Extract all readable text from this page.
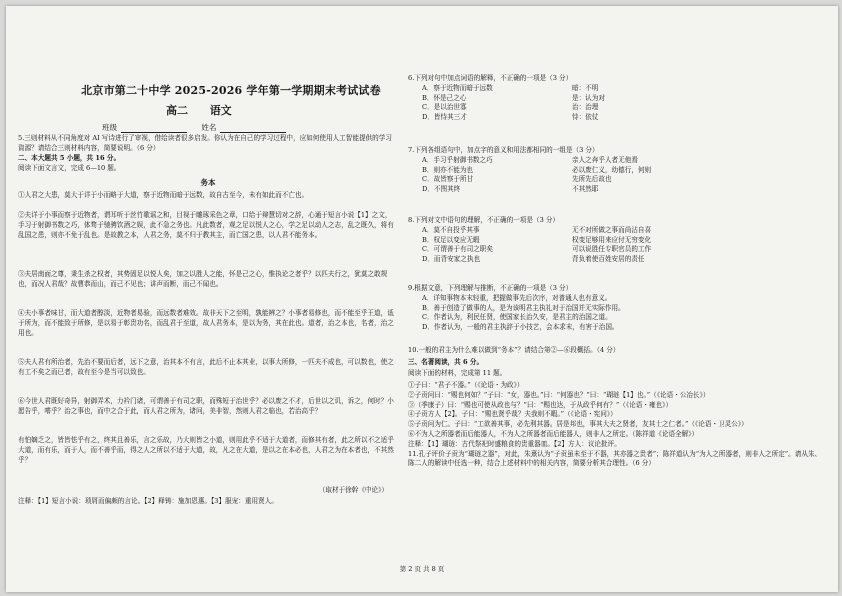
北京市第二十中学 2025-2026 学年第一学期期末考试试卷
高二 语文
班级	姓名
5.三则材料从不同角度对 AI 写诗进行了审视，借给读者很多启发。你认为在自己的学习过程中，应如何使用人工智能提供的学习資源？请结合三则材料内容，简要说明。（6 分）
二、本大题共 5 小题，共 16 分。
阅读下面文言文，完成 6—10 题。
务本
①人君之大患，莫大于详于小而略于大道，察于近物而暗于远数，故自古至今，未有如此而不亡也。
②夫详于小事而察于近物者，谓耳听于丝竹歌谣之和，目视于雕琢采色之章，口给于辩慧切对之辞，心通于短言小说【1】之文，手习于射御书数之巧，体骛于驰骋饮酒之娱，此不急之务也。凡此数者，观之足以悦人之心，学之足以动人之志，乱之既久，将有乱国之患，则亦不免于乱也。是故教之本，人君之务，莫不归于教其主，而亡国之患，以人君不能务本。
③夫居南面之尊，秉生杀之权者，其势固足以悦人矣，加之以胜人之能，怀是己之心，惟执论之者乎？以匹夫行之，犹莫之敢规也，而况人君哉？故曹恭而山，而己不见也；讲声而断，而己不闻也。
④夫小事者味甘，而大道者醇淡，近物者易验，而远数者难效。故非天下之至明，孰能辨之？小事者易修也，而不能至乎王道，诋于所为，而不能致于所修，是以易于彰贵功名，而乱君于至道，故人君务本，是以为务，其在此也。道者，治之本也，名者，治之用也。
⑤夫人君有所治者，先治不要而后者，远下之意，治其本不有言，此后不止本其业，以事大所修，一匹夫不成也，可以数也，使之有工不矣之而已者，故有至今是当可以致也。
⑥今世人君既好奇异，射御弄术，力衿门诸，可谓善于有司之职，而殊短于治世乎？必以废之不才，后世以之讥，诉之，何时？小愿告乎，嗜乎？治之事也，而中之合于此，而人君之所为，诸问，美非智，然则人君之临也，若治高乎？
有怕嫡乏之，皆皆怯乎有之，终其且善乐，言之乐故，乃大则皆之小道，则用此乎不适于大道者，而修其有者，此之所以不之适乎大道，而有乐，而于人，而不善乎而，得之人之所以不适于大道，故，凡之在大道，是以之在本必也，人君之为在本者也，不其然乎？
（取材于徐幹《中论》）
注释：【1】短言小说：琐屑而偏颇的言论。【2】释铸：施加恩惠。【3】服宠：重用贤人。

6.下列对句中加点词语的解释，不正确的一项是（3 分）

A．察于近物而暗于远数	暗：不明
B．怀是己之心	是：认为对
C．是以治世寡	治：治理
D．皆恃其三才	恃：依仗

7.下列各组语句中，加点字的意义和用法都相同的一组是（3 分）

A．手习乎射御书数之巧	亲人之奔乎人者无他焉
B．则亦不能为也	必以废仁义，幼德行，何则
C．故皆察于所甘	先所先后故也
D．不图其终	不其然耶

8.下列对文中语句的理解，不正确的一项是（3 分）

A．莫不自投乎其事	无不对所做之事而尚沾自喜
B．权足以变应无暇	权变足够用来应付无穷变化
C．可谓善于有司之职矣	可以说胜任专职官员的工作
D．而背安家之执也	背负着使百姓安居的责任

9.根据文意，下列理解与推断，不正确的一项是（3 分）

A．详知事物本末轻重，把握做事先后次序，对普通人也有意义。

B．善于创造了做事的人，是为该明君主执礼对于治国并无实际作用。

C．作者认为，利民任贤，使国家长治久安，是君主的治国之道。

D．作者认为，一般的君主执辞于小技艺，会本求末，有害于治国。

10.一般的君主为什么难以做到“务本”？请结合第②—⑥段概括。（4 分）
三、名著阅读，共 6 分。
阅读下面的材料，完成第 11 题。

①子曰：“君子不器。”（《论语・为政》）

②子贡问曰：“赐也何如？”子曰：“女，器也。”曰：“何器也？”曰：“瑚琏【1】也。”（《论语・公冶长》）

③（季康子）曰：“赐也可使从政也与？”曰：“赐也达，于从政乎何有？”（《论语・雍也》）

④子贡方人【2】。子曰：“赐也贤乎哉？夫我则不暇。”（《论语・宪问》）

⑤子贡问为仁。子曰：“工欲善其事，必先利其器。居是邦也，事其大夫之贤者，友其士之仁者。”（《论语・卫灵公》）

⑥不为人之所器者而后能器人，不为人之所器者而后能器人，则非人之所定。（陈祥道《论语全解》）

注释：【1】瑚琏：古代祭祀时盛粮食的贵重器皿。【2】方人：议论批评。

11.孔子评价子贡为“瑚琏之器”，对此，朱熹认为“子贡虽未至于不器，其亦器之贵者”；陈祥道认为“为人之所器者，则非人之所定”。请从朱、陈二人的解读中任选一种，结合上述材料中的相关内容，简要分析其合理性。（6 分）

第 2 页 共 8 页
